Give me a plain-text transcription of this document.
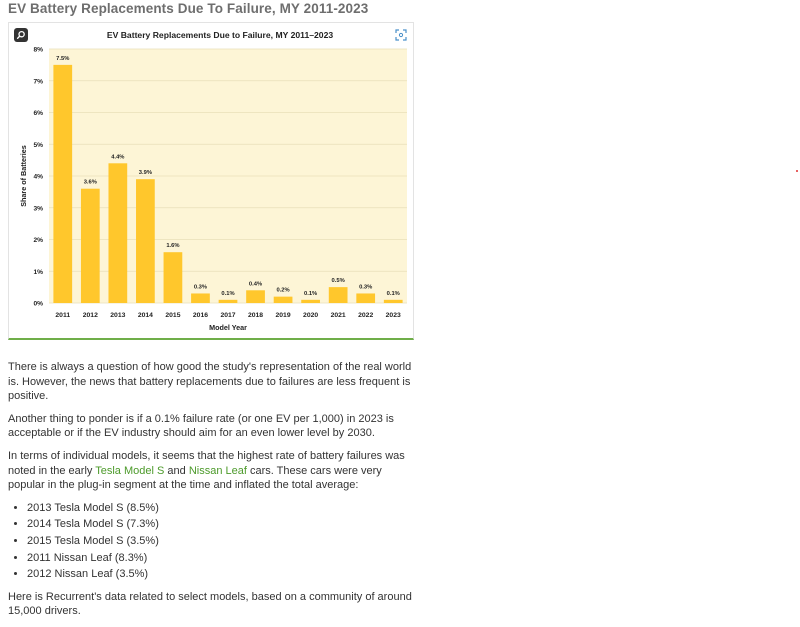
EV Battery Replacements Due To Failure, MY 2011-2023
EV Battery Replacements Due to Failure, MY 2011–2023
0%
1%
2%
3%
4%
5%
6%
7%
8%
7.5%
3.6%
4.4%
3.9%
1.6%
0.3%
0.1%
0.4%
0.2%
0.1%
0.5%
0.3%
0.1%
2011 2012 2013 2014 2015 2016 2017 2018 2019 2020 2021 2022 2023
Model Year
Share of Batteries

There is always a question of how good the study's representation of the real world is. However, the news that battery replacements due to failures are less frequent is positive.

Another thing to ponder is if a 0.1% failure rate (or one EV per 1,000) in 2023 is acceptable or if the EV industry should aim for an even lower level by 2030.

In terms of individual models, it seems that the highest rate of battery failures was noted in the early Tesla Model S and Nissan Leaf cars. These cars were very popular in the plug-in segment at the time and inflated the total average:

• 2013 Tesla Model S (8.5%)
• 2014 Tesla Model S (7.3%)
• 2015 Tesla Model S (3.5%)
• 2011 Nissan Leaf (8.3%)
• 2012 Nissan Leaf (3.5%)

Here is Recurrent's data related to select models, based on a community of around 15,000 drivers.
